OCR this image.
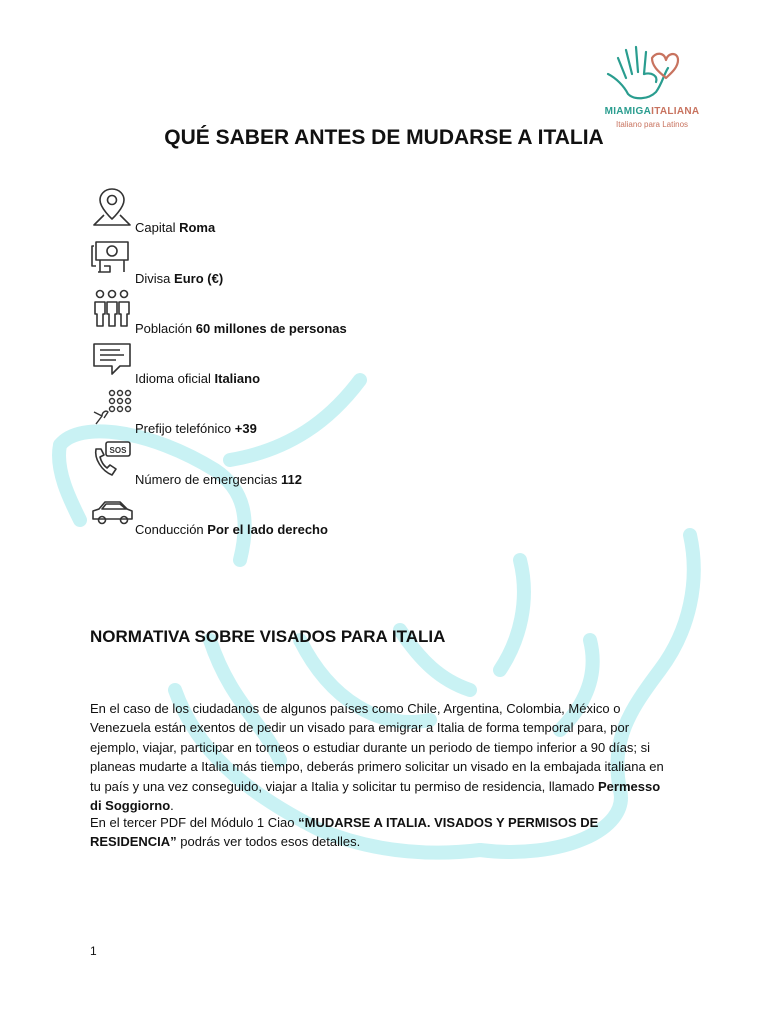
MIAMIGAITALIANA
Italiano para Latinos
QUÉ SABER ANTES DE MUDARSE A ITALIA
Capital Roma
Divisa Euro (€)
Población 60 millones de personas
Idioma oficial Italiano
Prefijo telefónico +39
SOS
Número de emergencias 112
Conducción Por el lado derecho
NORMATIVA SOBRE VISADOS PARA ITALIA
En el caso de los ciudadanos de algunos países como Chile, Argentina, Colombia, México o Venezuela están exentos de pedir un visado para emigrar a Italia de forma temporal para, por ejemplo, viajar, participar en torneos o estudiar durante un periodo de tiempo inferior a 90 días; si planeas mudarte a Italia más tiempo, deberás primero solicitar un visado en la embajada italiana en tu país y una vez conseguido, viajar a Italia y solicitar tu permiso de residencia, llamado Permesso di Soggiorno.
En el tercer PDF del Módulo 1 Ciao “MUDARSE A ITALIA. VISADOS Y PERMISOS DE RESIDENCIA” podrás ver todos esos detalles.
1
